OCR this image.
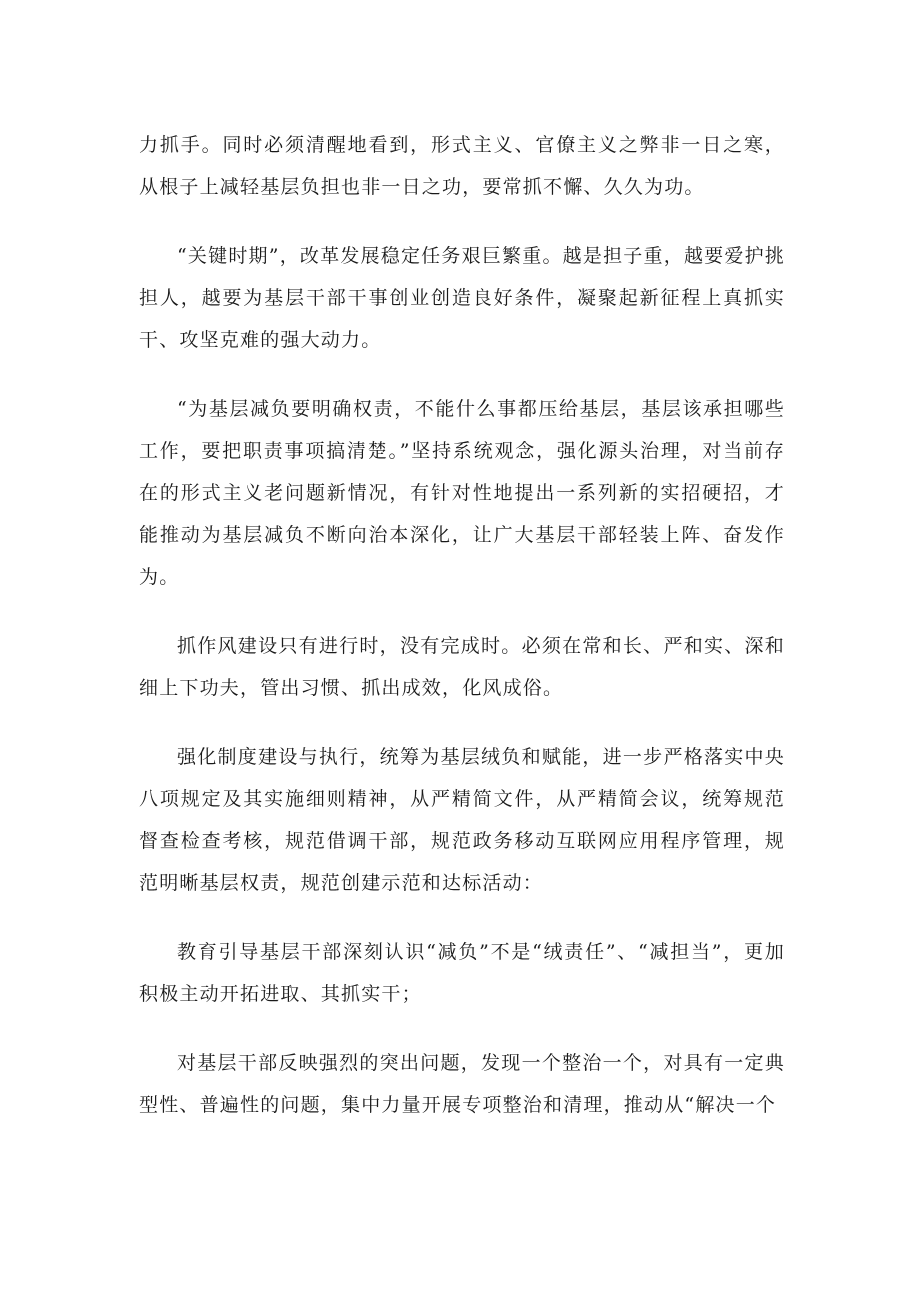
力抓手。同时必须清醒地看到，形式主义、官僚主义之弊非一日之寒，从根子上减轻基层负担也非一日之功，要常抓不懈、久久为功。

“关键时期”，改革发展稳定任务艰巨繁重。越是担子重，越要爱护挑担人，越要为基层干部干事创业创造良好条件，凝聚起新征程上真抓实干、攻坚克难的强大动力。

“为基层减负要明确权责，不能什么事都压给基层，基层该承担哪些工作，要把职责事项搞清楚。”坚持系统观念，强化源头治理，对当前存在的形式主义老问题新情况，有针对性地提出一系列新的实招硬招，才能推动为基层减负不断向治本深化，让广大基层干部轻装上阵、奋发作为。

抓作风建设只有进行时，没有完成时。必须在常和长、严和实、深和细上下功夫，管出习惯、抓出成效，化风成俗。

强化制度建设与执行，统筹为基层绒负和赋能，进一步严格落实中央八项规定及其实施细则精神，从严精简文件，从严精简会议，统筹规范督查检查考核，规范借调干部，规范政务移动互联网应用程序管理，规范明晰基层权责，规范创建示范和达标活动：

教育引导基层干部深刻认识“减负”不是“绒责任”、“减担当”，更加积极主动开拓进取、其抓实干；

对基层干部反映强烈的突出问题，发现一个整治一个，对具有一定典型性、普遍性的问题，集中力量开展专项整治和清理，推动从“解决一个
